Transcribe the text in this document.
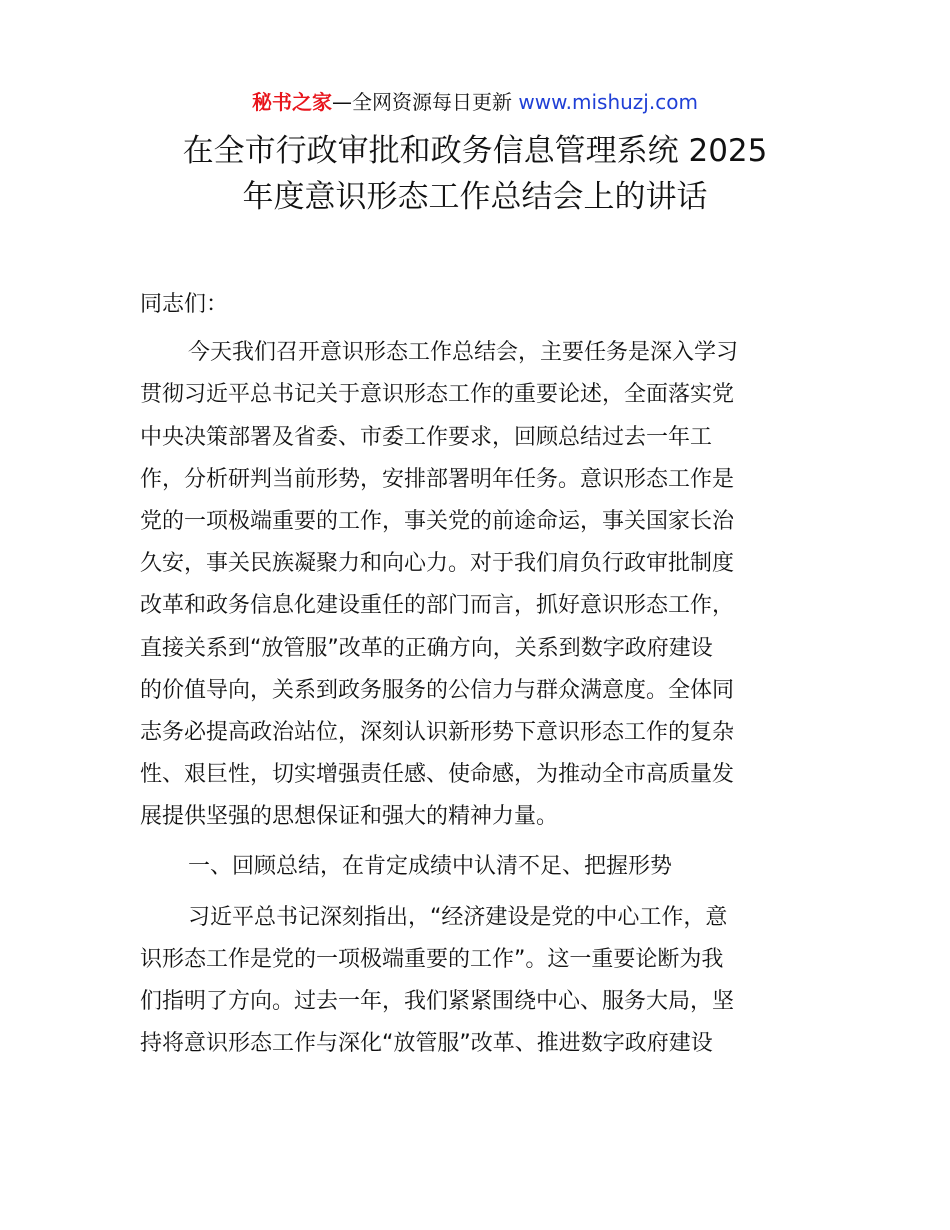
秘书之家—全网资源每日更新 www.mishuzj.com
在全市行政审批和政务信息管理系统 2025
年度意识形态工作总结会上的讲话
同志们：
今天我们召开意识形态工作总结会，主要任务是深入学习
贯彻习近平总书记关于意识形态工作的重要论述，全面落实党
中央决策部署及省委、市委工作要求，回顾总结过去一年工
作，分析研判当前形势，安排部署明年任务。意识形态工作是
党的一项极端重要的工作，事关党的前途命运，事关国家长治
久安，事关民族凝聚力和向心力。对于我们肩负行政审批制度
改革和政务信息化建设重任的部门而言，抓好意识形态工作，
直接关系到“放管服”改革的正确方向，关系到数字政府建设
的价值导向，关系到政务服务的公信力与群众满意度。全体同
志务必提高政治站位，深刻认识新形势下意识形态工作的复杂
性、艰巨性，切实增强责任感、使命感，为推动全市高质量发
展提供坚强的思想保证和强大的精神力量。
一、回顾总结，在肯定成绩中认清不足、把握形势
习近平总书记深刻指出，“经济建设是党的中心工作，意
识形态工作是党的一项极端重要的工作”。这一重要论断为我
们指明了方向。过去一年，我们紧紧围绕中心、服务大局，坚
持将意识形态工作与深化“放管服”改革、推进数字政府建设
